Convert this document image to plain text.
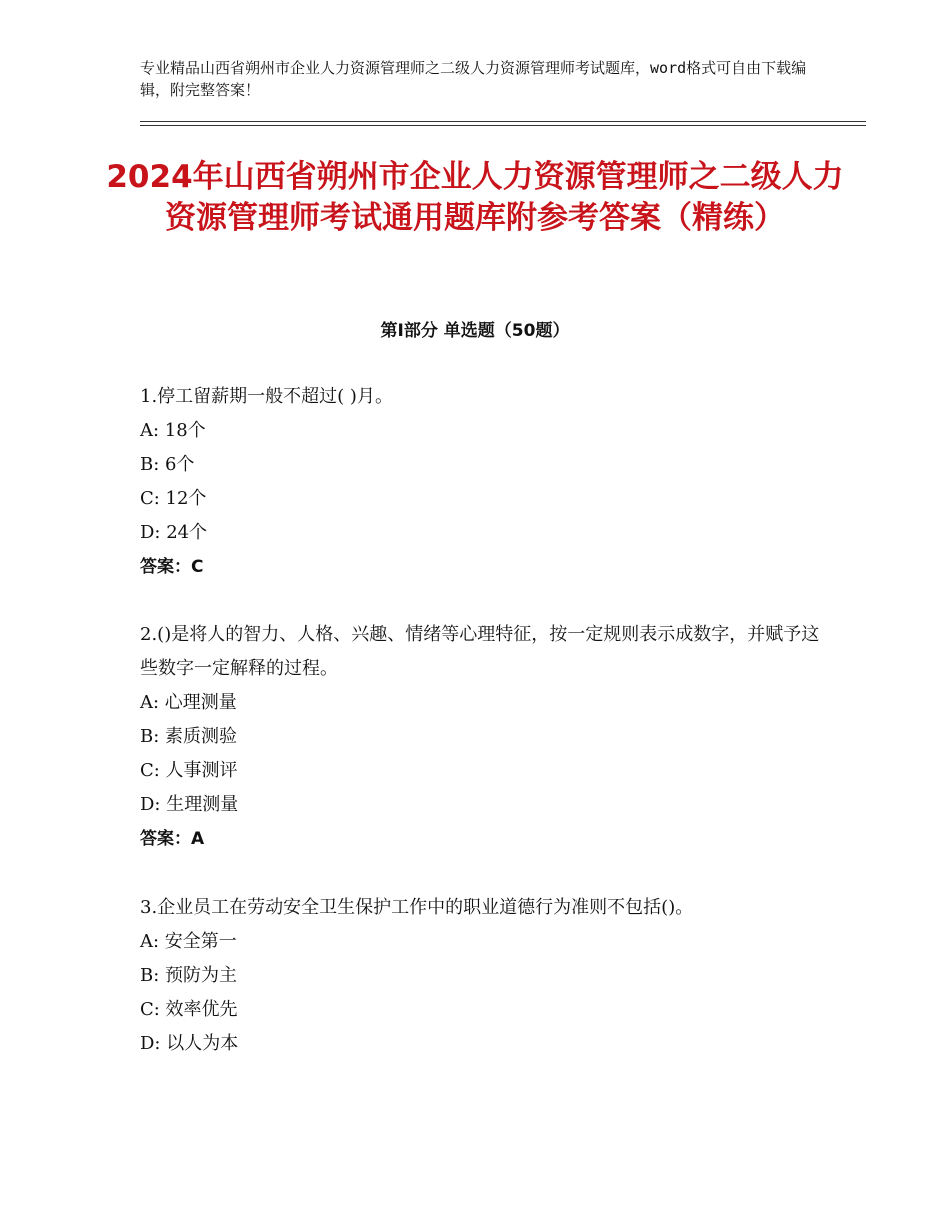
专业精品山西省朔州市企业人力资源管理师之二级人力资源管理师考试题库，word格式可自由下载编辑，附完整答案！
2024年山西省朔州市企业人力资源管理师之二级人力资源管理师考试通用题库附参考答案（精练）
第Ⅰ部分 单选题（50题）

1.停工留薪期一般不超过( )月。

A: 18个

B: 6个

C: 12个

D: 24个

答案：C

2.()是将人的智力、人格、兴趣、情绪等心理特征，按一定规则表示成数字，并赋予这些数字一定解释的过程。

A: 心理测量

B: 素质测验

C: 人事测评

D: 生理测量

答案：A

3.企业员工在劳动安全卫生保护工作中的职业道德行为准则不包括()。

A: 安全第一

B: 预防为主

C: 效率优先

D: 以人为本
